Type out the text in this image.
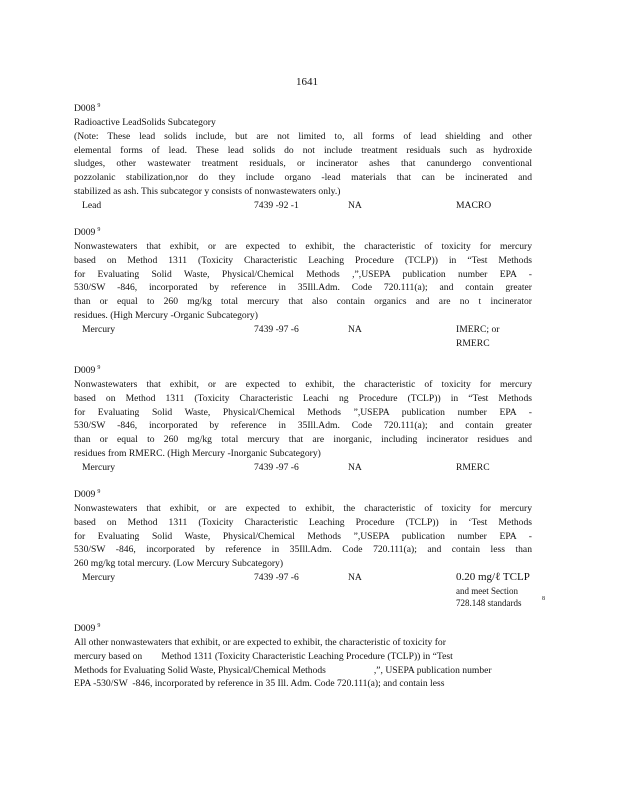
1641
D008 $^9$
Radioactive LeadSolids Subcategory

(Note: These lead solids include, but are not limited to, all forms of lead shielding and other
elemental forms of lead. These lead solids do not include treatment residuals such as hydroxide
sludges, other wastewater treatment residuals, or incinerator ashes that canundergo conventional
pozzolanic stabilization,nor do they include organo -lead materials that can be incinerated and

stabilized as ash. This subcategor y consists of nonwastewaters only.)
Lead	7439 -92 -1	NA	MACRO
D009 $^9$

Nonwastewaters that exhibit, or are expected to exhibit, the characteristic of toxicity for mercury
based on Method 1311 (Toxicity Characteristic Leaching Procedure (TCLP)) in “Test Methods
for Evaluating Solid Waste, Physical/Chemical Methods ,”,USEPA publication number EPA -
530/SW -846, incorporated by reference in 35Ill.Adm. Code 720.111(a); and contain greater
than or equal to 260 mg/kg total mercury that also contain organics and are no t incinerator
residues. (High Mercury -Organic Subcategory)

Mercury	7439 -97 -6	NA	IMERC; or
RMERC
D009 $^9$

Nonwastewaters that exhibit, or are expected to exhibit, the characteristic of toxicity for mercury
based on Method 1311 (Toxicity Characteristic Leachi ng Procedure (TCLP)) in “Test Methods
for Evaluating Solid Waste, Physical/Chemical Methods ”,USEPA publication number EPA -
530/SW -846, incorporated by reference in 35Ill.Adm. Code 720.111(a); and contain greater
than or equal to 260 mg/kg total mercury that are inorganic, including incinerator residues and
residues from RMERC. (High Mercury -Inorganic Subcategory)

Mercury	7439 -97 -6	NA	RMERC
D009 $^9$

Nonwastewaters that exhibit, or are expected to exhibit, the characteristic of toxicity for mercury
based on Method 1311 (Toxicity Characteristic Leaching Procedure (TCLP)) in ‘Test Methods
for Evaluating Solid Waste, Physical/Chemical Methods ”,USEPA publication number EPA -
530/SW -846, incorporated by reference in 35Ill.Adm. Code 720.111(a); and contain less than
260 mg/kg total mercury. (Low Mercury Subcategory)

Mercury	7439 -97 -6	NA	0.20 mg/ℓ TCLP
and meet Section
728.148 standards	8
D009 $^9$
All other nonwastewaters that exhibit, or are expected to exhibit, the characteristic of toxicity for
mercury based on        Method 1311 (Toxicity Characteristic Leaching Procedure (TCLP)) in “Test
Methods for Evaluating Solid Waste, Physical/Chemical Methods                    ,”, USEPA publication number
EPA -530/SW  -846, incorporated by reference in 35 Ill. Adm. Code 720.111(a); and contain less
